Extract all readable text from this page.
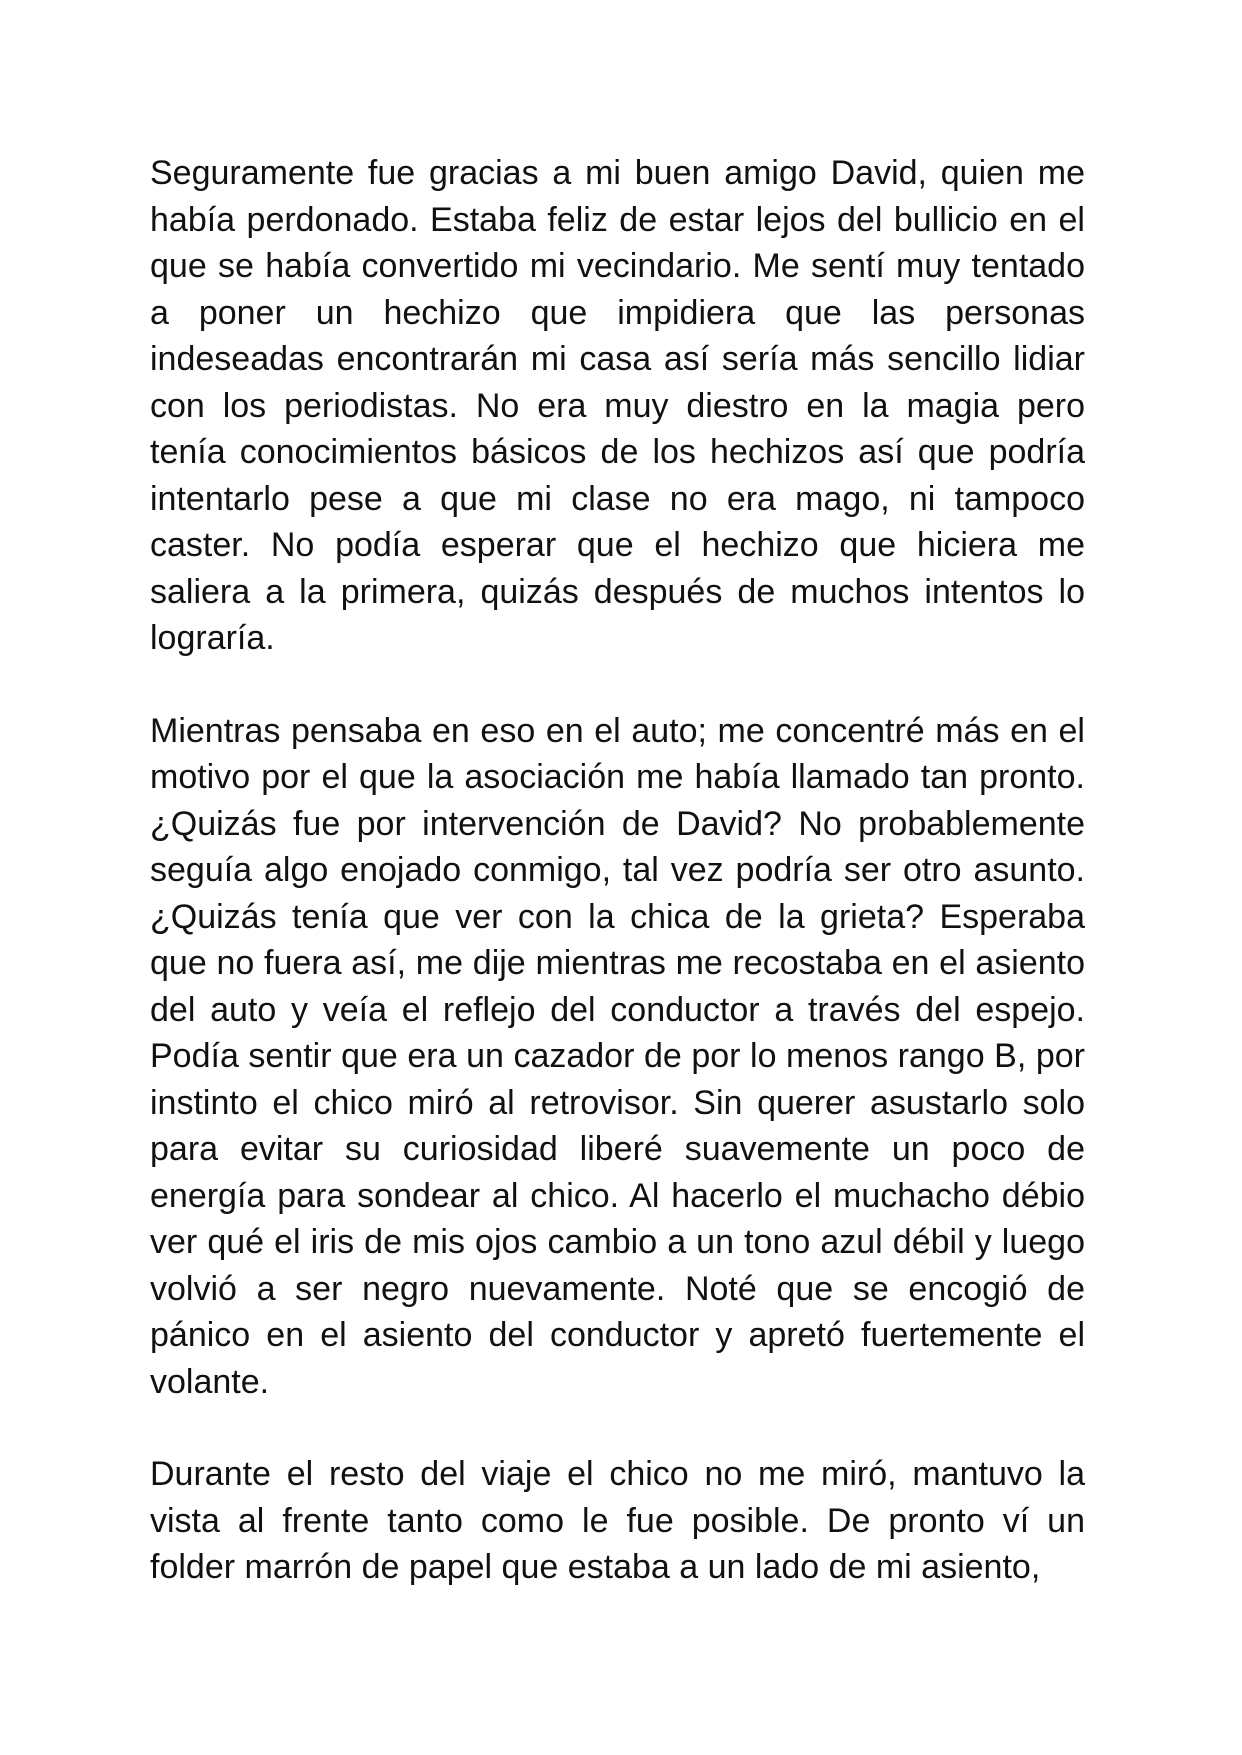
Seguramente fue gracias a mi buen amigo David, quien me había perdonado. Estaba feliz de estar lejos del bullicio en el que se había convertido mi vecindario. Me sentí muy tentado a poner un hechizo que impidiera que las personas indeseadas encontrarán mi casa así sería más sencillo lidiar con los periodistas. No era muy diestro en la magia pero tenía conocimientos básicos de los hechizos así que podría intentarlo pese a que mi clase no era mago, ni tampoco caster. No podía esperar que el hechizo que hiciera me saliera a la primera, quizás después de muchos intentos lo lograría.

Mientras pensaba en eso en el auto; me concentré más en el motivo por el que la asociación me había llamado tan pronto. ¿Quizás fue por intervención de David? No probablemente seguía algo enojado conmigo, tal vez podría ser otro asunto. ¿Quizás tenía que ver con la chica de la grieta? Esperaba que no fuera así, me dije mientras me recostaba en el asiento del auto y veía el reflejo del conductor a través del espejo. Podía sentir que era un cazador de por lo menos rango B, por instinto el chico miró al retrovisor. Sin querer asustarlo solo para evitar su curiosidad liberé suavemente un poco de energía para sondear al chico. Al hacerlo el muchacho débio ver qué el iris de mis ojos cambio a un tono azul débil y luego volvió a ser negro nuevamente. Noté que se encogió de pánico en el asiento del conductor y apretó fuertemente el volante.

Durante el resto del viaje el chico no me miró, mantuvo la vista al frente tanto como le fue posible. De pronto ví un folder marrón de papel que estaba a un lado de mi asiento,
